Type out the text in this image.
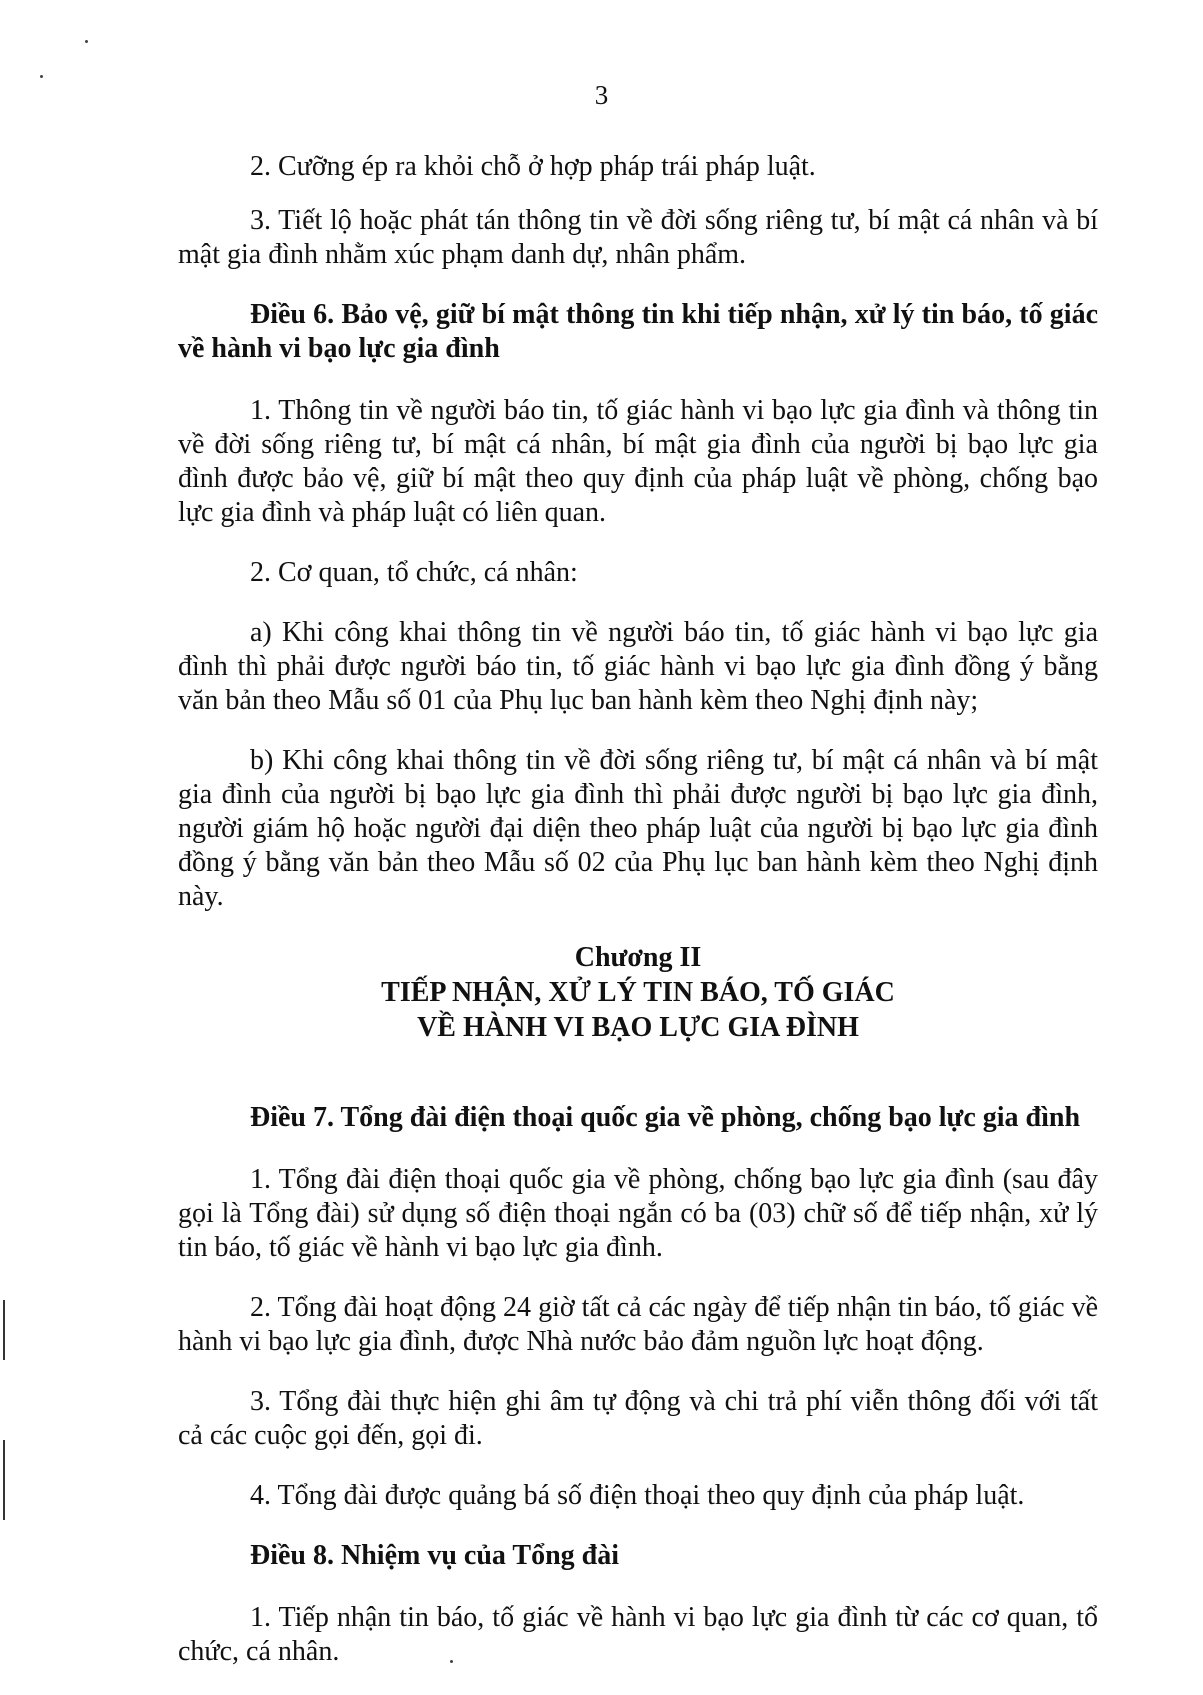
3

2. Cưỡng ép ra khỏi chỗ ở hợp pháp trái pháp luật.

3. Tiết lộ hoặc phát tán thông tin về đời sống riêng tư, bí mật cá nhân và bí mật gia đình nhằm xúc phạm danh dự, nhân phẩm.

Điều 6. Bảo vệ, giữ bí mật thông tin khi tiếp nhận, xử lý tin báo, tố giác về hành vi bạo lực gia đình

1. Thông tin về người báo tin, tố giác hành vi bạo lực gia đình và thông tin về đời sống riêng tư, bí mật cá nhân, bí mật gia đình của người bị bạo lực gia đình được bảo vệ, giữ bí mật theo quy định của pháp luật về phòng, chống bạo lực gia đình và pháp luật có liên quan.

2. Cơ quan, tổ chức, cá nhân:

a) Khi công khai thông tin về người báo tin, tố giác hành vi bạo lực gia đình thì phải được người báo tin, tố giác hành vi bạo lực gia đình đồng ý bằng văn bản theo Mẫu số 01 của Phụ lục ban hành kèm theo Nghị định này;

b) Khi công khai thông tin về đời sống riêng tư, bí mật cá nhân và bí mật gia đình của người bị bạo lực gia đình thì phải được người bị bạo lực gia đình, người giám hộ hoặc người đại diện theo pháp luật của người bị bạo lực gia đình đồng ý bằng văn bản theo Mẫu số 02 của Phụ lục ban hành kèm theo Nghị định này.

Chương II
TIẾP NHẬN, XỬ LÝ TIN BÁO, TỐ GIÁC
VỀ HÀNH VI BẠO LỰC GIA ĐÌNH

Điều 7. Tổng đài điện thoại quốc gia về phòng, chống bạo lực gia đình

1. Tổng đài điện thoại quốc gia về phòng, chống bạo lực gia đình (sau đây gọi là Tổng đài) sử dụng số điện thoại ngắn có ba (03) chữ số để tiếp nhận, xử lý tin báo, tố giác về hành vi bạo lực gia đình.

2. Tổng đài hoạt động 24 giờ tất cả các ngày để tiếp nhận tin báo, tố giác về hành vi bạo lực gia đình, được Nhà nước bảo đảm nguồn lực hoạt động.

3. Tổng đài thực hiện ghi âm tự động và chi trả phí viễn thông đối với tất cả các cuộc gọi đến, gọi đi.

4. Tổng đài được quảng bá số điện thoại theo quy định của pháp luật.

Điều 8. Nhiệm vụ của Tổng đài

1. Tiếp nhận tin báo, tố giác về hành vi bạo lực gia đình từ các cơ quan, tổ chức, cá nhân.
